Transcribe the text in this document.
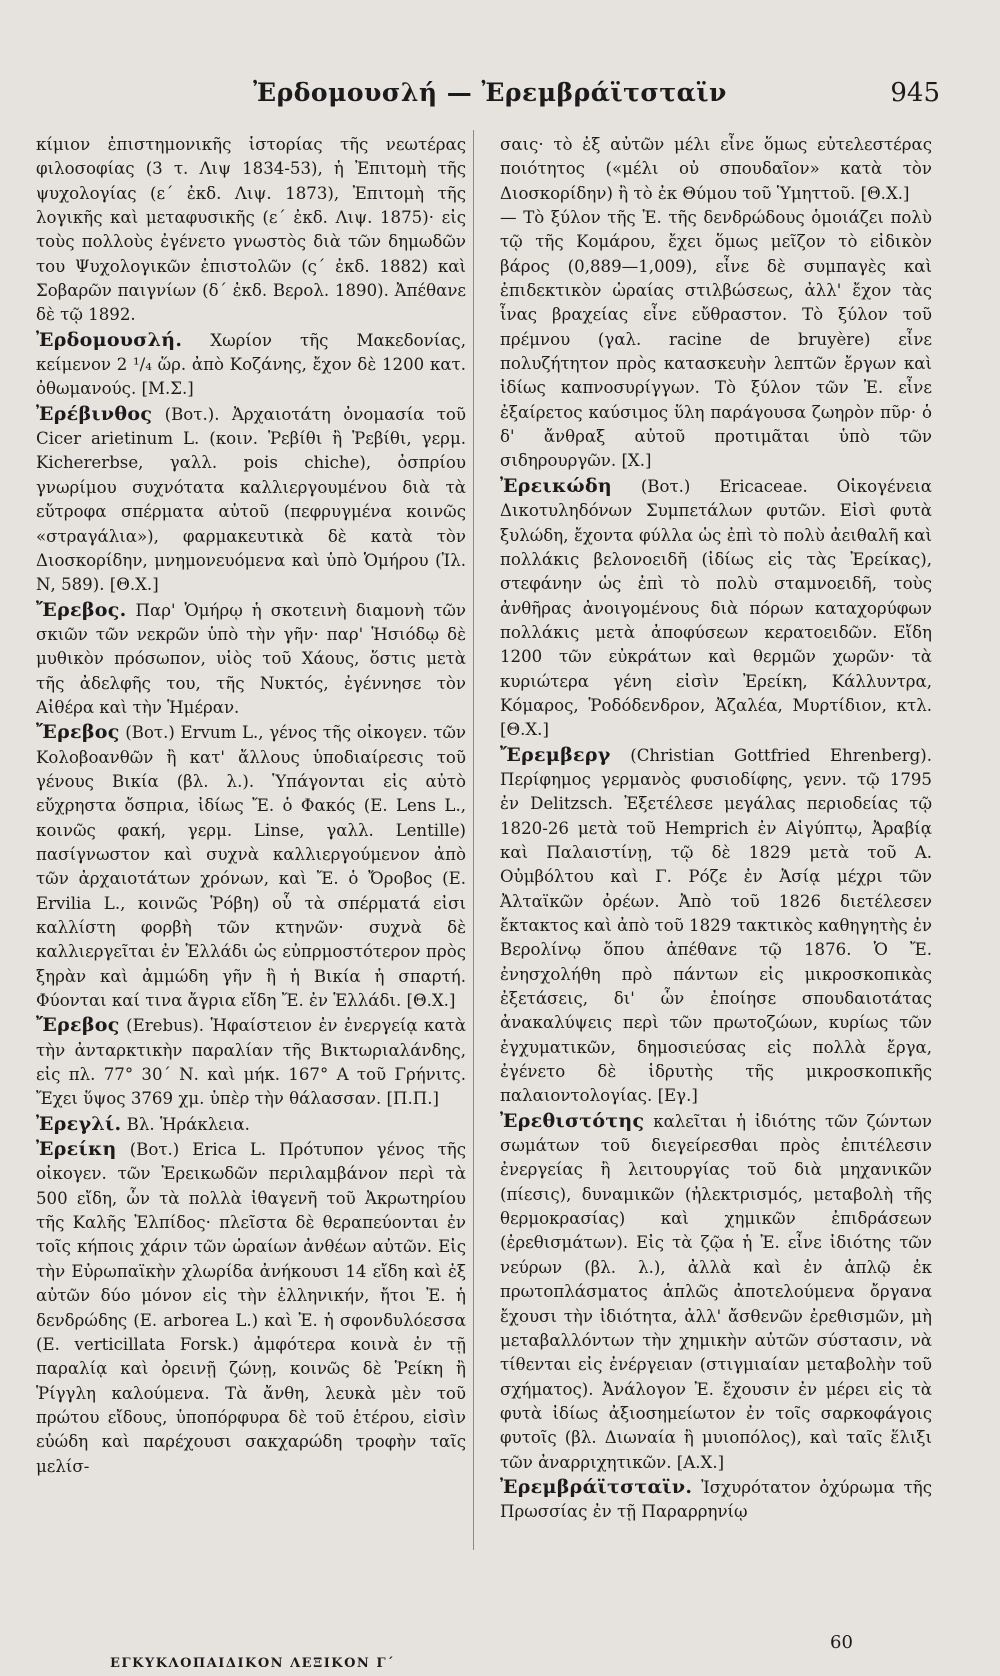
Ἐρδομουσλή — Ἐρεμβράϊτσταϊν	945

κίμιον ἐπιστημονικῆς ἱστορίας τῆς νεωτέρας φιλοσοφίας (3 τ. Λιψ 1834-53), ἡ Ἐπιτομὴ τῆς ψυχολογίας (ε΄ ἐκδ. Λιψ. 1873), Ἐπιτομὴ τῆς λογικῆς καὶ μεταφυσικῆς (ε΄ ἐκδ. Λιψ. 1875)· εἰς τοὺς πολλοὺς ἐγένετο γνωστὸς διὰ τῶν δημωδῶν του Ψυχολογικῶν ἐπιστολῶν (ς΄ ἐκδ. 1882) καὶ Σοβαρῶν παιγνίων (δ΄ ἐκδ. Βερολ. 1890). Ἀπέθανε δὲ τῷ 1892.

Ἐρδομουσλή. Χωρίον τῆς Μακεδονίας, κείμενον 2 ¹/₄ ὥρ. ἀπὸ Κοζάνης, ἔχον δὲ 1200 κατ. ὀθωμανούς. [Μ.Σ.]

Ἐρέβινθος (Βοτ.). Ἀρχαιοτάτη ὀνομασία τοῦ Cicer arietinum L. (κοιν. Ῥεβίθι ἢ Ῥεβίθι, γερμ. Kichererbse, γαλλ. pois chiche), ὀσπρίου γνωρίμου συχνότατα καλλιεργουμένου διὰ τὰ εὔτροφα σπέρματα αὐτοῦ (πεφρυγμένα κοινῶς «στραγάλια»), φαρμακευτικὰ δὲ κατὰ τὸν Διοσκορίδην, μνημονευόμενα καὶ ὑπὸ Ὁμήρου (Ἰλ. Ν, 589). [Θ.Χ.]

Ἔρεβος. Παρ' Ὁμήρῳ ἡ σκοτεινὴ διαμονὴ τῶν σκιῶν τῶν νεκρῶν ὑπὸ τὴν γῆν· παρ' Ἡσιόδῳ δὲ μυθικὸν πρόσωπον, υἱὸς τοῦ Χάους, ὅστις μετὰ τῆς ἀδελφῆς του, τῆς Νυκτός, ἐγέννησε τὸν Αἰθέρα καὶ τὴν Ἡμέραν.

Ἔρεβος (Βοτ.) Ervum L., γένος τῆς οἰκογεν. τῶν Κολοβοανθῶν ἢ κατ' ἄλλους ὑποδιαίρεσις τοῦ γένους Βικία (βλ. λ.). Ὑπάγονται εἰς αὐτὸ εὔχρηστα ὄσπρια, ἰδίως Ἔ. ὁ Φακός (E. Lens L., κοινῶς φακή, γερμ. Linse, γαλλ. Lentille) πασίγνωστον καὶ συχνὰ καλλιεργούμενον ἀπὸ τῶν ἀρχαιοτάτων χρόνων, καὶ Ἔ. ὁ Ὄροβος (E. Ervilia L., κοινῶς Ῥόβη) οὗ τὰ σπέρματά εἰσι καλλίστη φορβὴ τῶν κτηνῶν· συχνὰ δὲ καλλιεργεῖται ἐν Ἑλλάδι ὡς εὐπρμοστότερον πρὸς ξηρὰν καὶ ἀμμώδη γῆν ἢ ἡ Βικία ἡ σπαρτή. Φύονται καί τινα ἄγρια εἴδη Ἔ. ἐν Ἑλλάδι. [Θ.Χ.]

Ἔρεβος (Erebus). Ἡφαίστειον ἐν ἐνεργείᾳ κατὰ τὴν ἀνταρκτικὴν παραλίαν τῆς Βικτωριαλάνδης, εἰς πλ. 77° 30΄ Ν. καὶ μήκ. 167° Α τοῦ Γρήνιτς. Ἔχει ὕψος 3769 χμ. ὑπὲρ τὴν θάλασσαν. [Π.Π.]

Ἐρεγλί. Βλ. Ἡράκλεια.

Ἐρείκη (Βοτ.) Erica L. Πρότυπον γένος τῆς οἰκογεν. τῶν Ἐρεικωδῶν περιλαμβάνον περὶ τὰ 500 εἴδη, ὧν τὰ πολλὰ ἰθαγενῆ τοῦ Ἀκρωτηρίου τῆς Καλῆς Ἐλπίδος· πλεῖστα δὲ θεραπεύονται ἐν τοῖς κήποις χάριν τῶν ὡραίων ἀνθέων αὐτῶν. Εἰς τὴν Εὐρωπαϊκὴν χλωρίδα ἀνήκουσι 14 εἴδη καὶ ἐξ αὐτῶν δύο μόνον εἰς τὴν ἑλληνικήν, ἤτοι Ἐ. ἡ δενδρώδης (E. arborea L.) καὶ Ἐ. ἡ σφονδυλόεσσα (E. verticillata Forsk.) ἀμφότερα κοινὰ ἐν τῇ παραλίᾳ καὶ ὀρεινῇ ζώνῃ, κοινῶς δὲ Ῥείκη ἢ Ῥίγγλη καλούμενα. Τὰ ἄνθη, λευκὰ μὲν τοῦ πρώτου εἴδους, ὑποπόρφυρα δὲ τοῦ ἑτέρου, εἰσὶν εὐώδη καὶ παρέχουσι σακχαρώδη τροφὴν ταῖς μελίσ-

σαις· τὸ ἐξ αὐτῶν μέλι εἶνε ὅμως εὐτελεστέρας ποιότητος («μέλι οὐ σπουδαῖον» κατὰ τὸν Διοσκορίδην) ἢ τὸ ἐκ Θύμου τοῦ Ὑμηττοῦ. [Θ.Χ.]

— Τὸ ξύλον τῆς Ἐ. τῆς δενδρώδους ὁμοιάζει πολὺ τῷ τῆς Κομάρου, ἔχει ὅμως μεῖζον τὸ εἰδικὸν βάρος (0,889—1,009), εἶνε δὲ συμπαγὲς καὶ ἐπιδεκτικὸν ὡραίας στιλβώσεως, ἀλλ' ἔχον τὰς ἶνας βραχείας εἶνε εὔθραστον. Τὸ ξύλον τοῦ πρέμνου (γαλ. racine de bruyère) εἶνε πολυζήτητον πρὸς κατασκευὴν λεπτῶν ἔργων καὶ ἰδίως καπνοσυρίγγων. Τὸ ξύλον τῶν Ἐ. εἶνε ἐξαίρετος καύσιμος ὕλη παράγουσα ζωηρὸν πῦρ· ὁ δ' ἄνθραξ αὐτοῦ προτιμᾶται ὑπὸ τῶν σιδηρουργῶν. [Χ.]

Ἐρεικώδη (Βοτ.) Ericaceae. Οἰκογένεια Δικοτυληδόνων Συμπετάλων φυτῶν. Εἰσὶ φυτὰ ξυλώδη, ἔχοντα φύλλα ὡς ἐπὶ τὸ πολὺ ἀειθαλῆ καὶ πολλάκις βελονοειδῆ (ἰδίως εἰς τὰς Ἐρείκας), στεφάνην ὡς ἐπὶ τὸ πολὺ σταμνοειδῆ, τοὺς ἀνθῆρας ἀνοιγομένους διὰ πόρων καταχορύφων πολλάκις μετὰ ἀποφύσεων κερατοειδῶν. Εἴδη 1200 τῶν εὐκράτων καὶ θερμῶν χωρῶν· τὰ κυριώτερα γένη εἰσὶν Ἐρείκη, Κάλλυντρα, Κόμαρος, Ῥοδόδενδρον, Ἀζαλέα, Μυρτίδιον, κτλ. [Θ.Χ.]

Ἔρεμβεργ (Christian Gottfried Ehrenberg). Περίφημος γερμανὸς φυσιοδίφης, γενν. τῷ 1795 ἐν Delitzsch. Ἐξετέλεσε μεγάλας περιοδείας τῷ 1820-26 μετὰ τοῦ Hemprich ἐν Αἰγύπτῳ, Ἀραβίᾳ καὶ Παλαιστίνῃ, τῷ δὲ 1829 μετὰ τοῦ Α. Οὐμβόλτου καὶ Γ. Ρόζε ἐν Ἀσίᾳ μέχρι τῶν Ἀλταϊκῶν ὀρέων. Ἀπὸ τοῦ 1826 διετέλεσεν ἔκτακτος καὶ ἀπὸ τοῦ 1829 τακτικὸς καθηγητὴς ἐν Βερολίνῳ ὅπου ἀπέθανε τῷ 1876. Ὁ Ἔ. ἐνησχολήθη πρὸ πάντων εἰς μικροσκοπικὰς ἐξετάσεις, δι' ὧν ἐποίησε σπουδαιοτάτας ἀνακαλύψεις περὶ τῶν πρωτοζώων, κυρίως τῶν ἐγχυματικῶν, δημοσιεύσας εἰς πολλὰ ἔργα, ἐγένετο δὲ ἱδρυτὴς τῆς μικροσκοπικῆς παλαιοντολογίας. [Εγ.]

Ἐρεθιστότης καλεῖται ἡ ἰδιότης τῶν ζώντων σωμάτων τοῦ διεγείρεσθαι πρὸς ἐπιτέλεσιν ἐνεργείας ἢ λειτουργίας τοῦ διὰ μηχανικῶν (πίεσις), δυναμικῶν (ἠλεκτρισμός, μεταβολὴ τῆς θερμοκρασίας) καὶ χημικῶν ἐπιδράσεων (ἐρεθισμάτων). Εἰς τὰ ζῷα ἡ Ἐ. εἶνε ἰδιότης τῶν νεύρων (βλ. λ.), ἀλλὰ καὶ ἐν ἁπλῷ ἐκ πρωτοπλάσματος ἁπλῶς ἀποτελούμενα ὄργανα ἔχουσι τὴν ἰδιότητα, ἀλλ' ἄσθενῶν ἐρεθισμῶν, μὴ μεταβαλλόντων τὴν χημικὴν αὐτῶν σύστασιν, νὰ τίθενται εἰς ἐνέργειαν (στιγμιαίαν μεταβολὴν τοῦ σχήματος). Ἀνάλογον Ἐ. ἔχουσιν ἐν μέρει εἰς τὰ φυτὰ ἰδίως ἀξιοσημείωτον ἐν τοῖς σαρκοφάγοις φυτοῖς (βλ. Διωναία ἢ μυιοπόλος), καὶ ταῖς ἕλιξι τῶν ἀναρριχητικῶν. [Α.Χ.]

Ἐρεμβράϊτσταϊν. Ἰσχυρότατον ὀχύρωμα τῆς Πρωσσίας ἐν τῇ Παραρρηνίῳ

ΕΓΚΥΚΛΟΠΑΙΔΙΚΟΝ ΛΕΞΙΚΟΝ Γ΄
60
